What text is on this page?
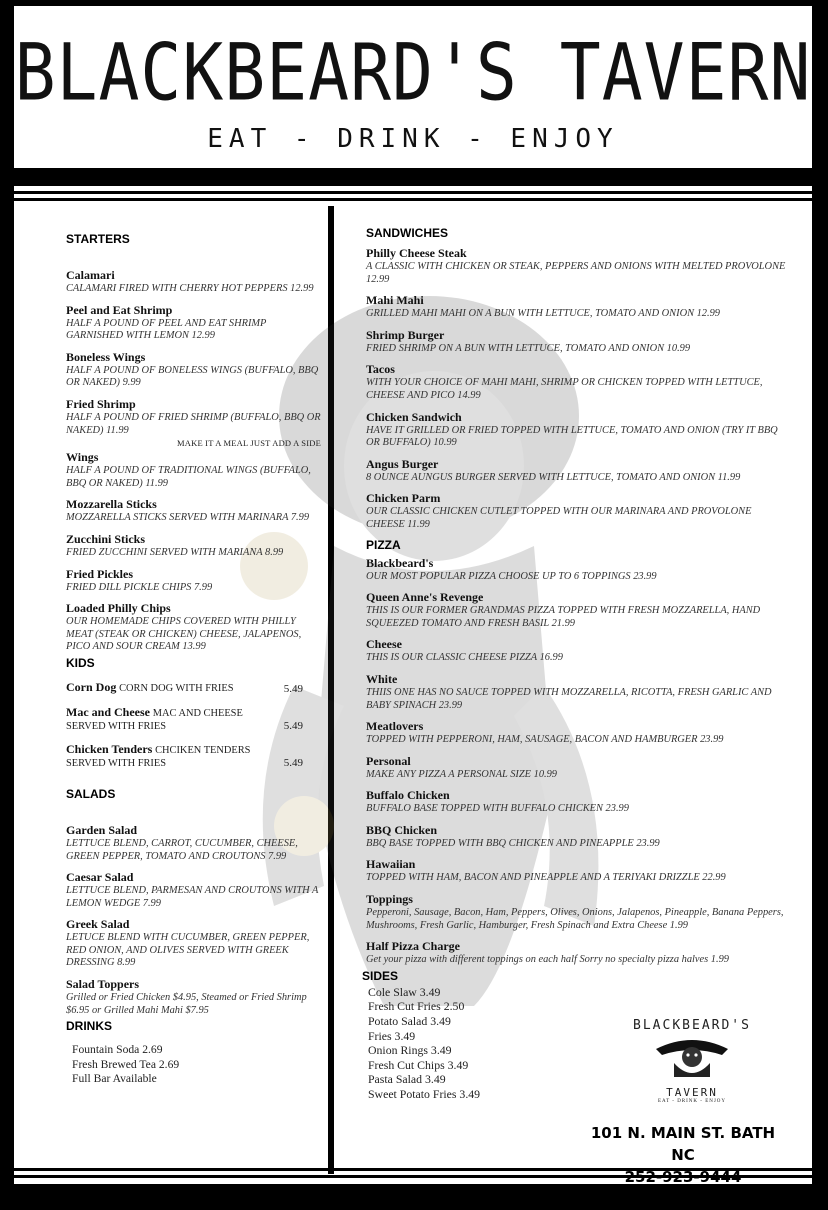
BLACKBEARD'S TAVERN
EAT - DRINK - ENJOY
STARTERS
Calamari
CALAMARI FIRED WITH CHERRY HOT PEPPERS 12.99
Peel and Eat Shrimp
HALF A POUND OF PEEL AND EAT SHRIMP GARNISHED WITH LEMON 12.99
Boneless Wings
HALF A POUND OF BONELESS WINGS (BUFFALO, BBQ OR NAKED) 9.99
Fried Shrimp
HALF A POUND OF FRIED SHRIMP (BUFFALO, BBQ OR NAKED) 11.99
MAKE IT A MEAL JUST ADD A SIDE
Wings
HALF A POUND OF TRADITIONAL WINGS (BUFFALO, BBQ OR NAKED) 11.99
Mozzarella Sticks
MOZZARELLA STICKS SERVED WITH MARINARA 7.99
Zucchini Sticks
FRIED ZUCCHINI SERVED WITH MARIANA 8.99
Fried Pickles
FRIED DILL PICKLE CHIPS 7.99
Loaded Philly Chips
OUR HOMEMADE CHIPS COVERED WITH PHILLY MEAT (STEAK OR CHICKEN) CHEESE, JALAPENOS, PICO AND SOUR CREAM 13.99
KIDS
Corn Dog CORN DOG WITH FRIES	5.49
Mac and Cheese MAC AND CHEESE SERVED WITH FRIES	5.49
Chicken Tenders CHCIKEN TENDERS SERVED WITH FRIES	5.49
SALADS
Garden Salad
LETTUCE BLEND, CARROT, CUCUMBER, CHEESE, GREEN PEPPER, TOMATO AND CROUTONS 7.99
Caesar Salad
LETTUCE BLEND, PARMESAN AND CROUTONS WITH A LEMON WEDGE 7.99
Greek Salad
LETUCE BLEND WITH CUCUMBER, GREEN PEPPER, RED ONION, AND OLIVES SERVED WITH GREEK DRESSING 8.99
Salad Toppers
Grilled or Fried Chicken $4.95, Steamed or Fried Shrimp $6.95 or Grilled Mahi Mahi $7.95
DRINKS
Fountain Soda 2.69
Fresh Brewed Tea 2.69
Full Bar Available
SANDWICHES
Philly Cheese Steak
A CLASSIC WITH CHICKEN OR STEAK, PEPPERS AND ONIONS WITH MELTED PROVOLONE 12.99
Mahi Mahi
GRILLED MAHI MAHI ON A BUN WITH LETTUCE, TOMATO AND ONION 12.99
Shrimp Burger
FRIED SHRIMP ON A BUN WITH LETTUCE, TOMATO AND ONION 10.99
Tacos
WITH YOUR CHOICE OF MAHI MAHI, SHRIMP OR CHICKEN TOPPED WITH LETTUCE, CHEESE AND PICO 14.99
Chicken Sandwich
HAVE IT GRILLED OR FRIED TOPPED WITH LETTUCE, TOMATO AND ONION (TRY IT BBQ OR BUFFALO) 10.99
Angus Burger
8 OUNCE AUNGUS BURGER SERVED WITH LETTUCE, TOMATO AND ONION 11.99
Chicken Parm
OUR CLASSIC CHICKEN CUTLET TOPPED WITH OUR MARINARA AND PROVOLONE CHEESE 11.99
PIZZA
Blackbeard's
OUR MOST POPULAR PIZZA CHOOSE UP TO 6 TOPPINGS 23.99
Queen Anne's Revenge
THIS IS OUR FORMER GRANDMAS PIZZA TOPPED WITH FRESH MOZZARELLA, HAND SQUEEZED TOMATO AND FRESH BASIL 21.99
Cheese
THIS IS OUR CLASSIC CHEESE PIZZA 16.99
White
THIIS ONE HAS NO SAUCE TOPPED WITH MOZZARELLA, RICOTTA, FRESH GARLIC AND BABY SPINACH 23.99
Meatlovers
TOPPED WITH PEPPERONI, HAM, SAUSAGE, BACON AND HAMBURGER 23.99
Personal
MAKE ANY PIZZA A PERSONAL SIZE 10.99
Buffalo Chicken
BUFFALO BASE TOPPED WITH BUFFALO CHICKEN 23.99
BBQ Chicken
BBQ BASE TOPPED WITH BBQ CHICKEN AND PINEAPPLE 23.99
Hawaiian
TOPPED WITH HAM, BACON AND PINEAPPLE AND A TERIYAKI DRIZZLE 22.99
Toppings
Pepperoni, Sausage, Bacon, Ham, Peppers, Olives, Onions, Jalapenos, Pineapple, Banana Peppers, Mushrooms, Fresh Garlic, Hamburger, Fresh Spinach and Extra Cheese 1.99
Half Pizza Charge
Get your pizza with different toppings on each half Sorry no specialty pizza halves 1.99
SIDES
Cole Slaw 3.49
Fresh Cut Fries 2.50
Potato Salad 3.49
Fries 3.49
Onion Rings 3.49
Fresh Cut Chips 3.49
Pasta Salad 3.49
Sweet Potato Fries 3.49
BLACKBEARD'S
TAVERN
EAT - DRINK - ENJOY
101 N. MAIN ST. BATH NC
